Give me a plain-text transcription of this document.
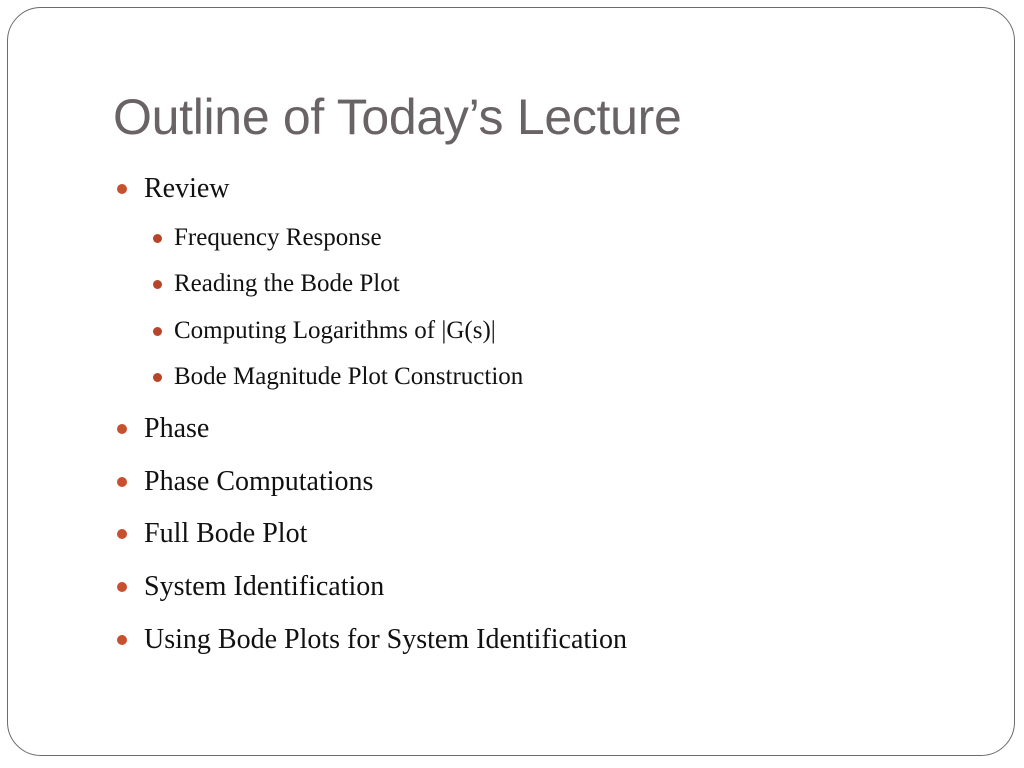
Outline of Today’s Lecture
Review
Frequency Response
Reading the Bode Plot
Computing Logarithms of |G(s)|
Bode Magnitude Plot Construction
Phase
Phase Computations
Full Bode Plot
System Identification
Using Bode Plots for System Identification
